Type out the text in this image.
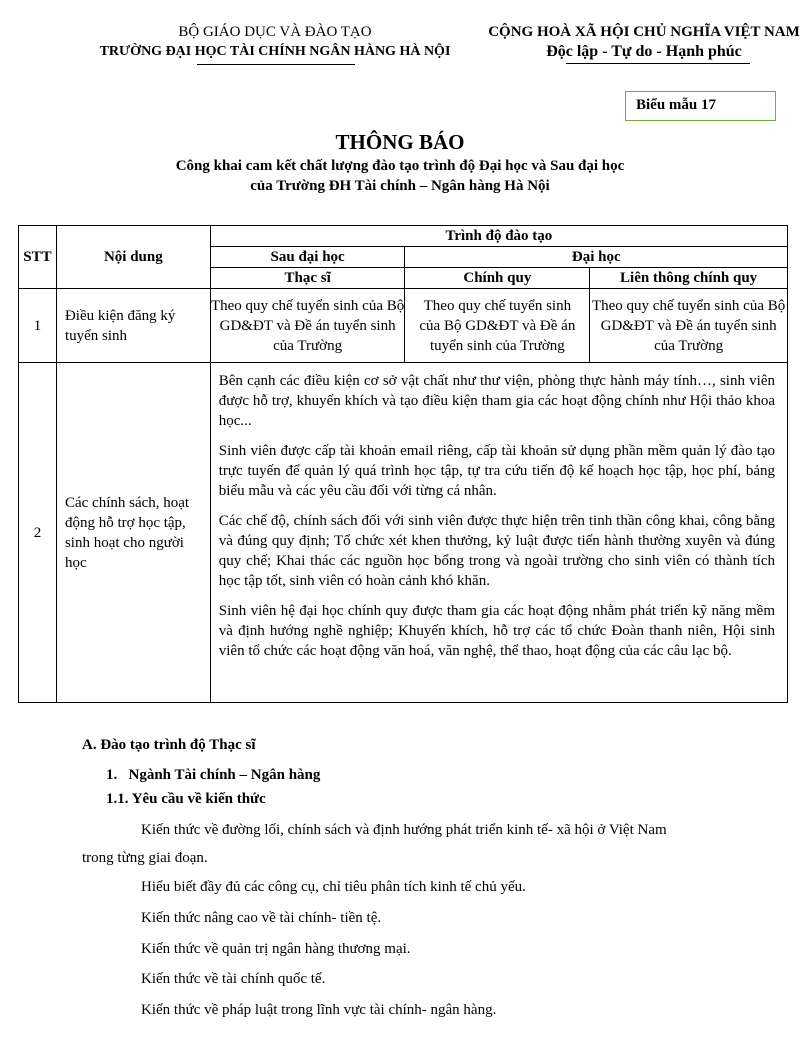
BỘ GIÁO DỤC VÀ ĐÀO TẠO
TRƯỜNG ĐẠI HỌC TÀI CHÍNH NGÂN HÀNG HÀ NỘI
CỘNG HOÀ XÃ HỘI CHỦ NGHĨA VIỆT NAM
Độc lập - Tự do - Hạnh phúc
Biểu mẫu 17
THÔNG BÁO
Công khai cam kết chất lượng đào tạo trình độ Đại học và Sau đại học
của Trường ĐH Tài chính – Ngân hàng Hà Nội
STT	Nội dung	Trình độ đào tạo		
		Sau đại học	Đại học	
		Thạc sĩ	Chính quy	Liên thông chính quy
1	Điều kiện đăng ký tuyển sinh	Theo quy chế tuyển sinh của Bộ GD&ĐT và Đề án tuyển sinh của Trường	Theo quy chế tuyển sinh của Bộ GD&ĐT và Đề án tuyển sinh của Trường	Theo quy chế tuyển sinh của Bộ GD&ĐT và Đề án tuyển sinh của Trường
2	Các chính sách, hoạt động hỗ trợ học tập, sinh hoạt cho người học	Bên cạnh các điều kiện cơ sở vật chất như thư viện, phòng thực hành máy tính…, sinh viên được hỗ trợ, khuyến khích và tạo điều kiện tham gia các hoạt động chính như Hội thảo khoa học...

Sinh viên được cấp tài khoản email riêng, cấp tài khoản sử dụng phần mềm quản lý đào tạo trực tuyến để quản lý quá trình học tập, tự tra cứu tiến độ kế hoạch học tập, học phí, bảng biểu mẫu và các yêu cầu đối với từng cá nhân.

Các chế độ, chính sách đối với sinh viên được thực hiện trên tinh thần công khai, công bằng và đúng quy định; Tổ chức xét khen thưởng, kỷ luật được tiến hành thường xuyên và đúng quy chế; Khai thác các nguồn học bổng trong và ngoài trường cho sinh viên có thành tích học tập tốt, sinh viên có hoàn cảnh khó khăn.

Sinh viên hệ đại học chính quy được tham gia các hoạt động nhằm phát triển kỹ năng mềm và định hướng nghề nghiệp; Khuyến khích, hỗ trợ các tổ chức Đoàn thanh niên, Hội sinh viên tổ chức các hoạt động văn hoá, văn nghệ, thể thao, hoạt động của các câu lạc bộ.		

A. Đào tạo trình độ Thạc sĩ
1.   Ngành Tài chính – Ngân hàng
1.1. Yêu cầu về kiến thức
Kiến thức về đường lối, chính sách và định hướng phát triển kinh tế- xã hội ở Việt Nam
trong từng giai đoạn.
Hiểu biết đầy đủ các công cụ, chỉ tiêu phân tích kinh tế chủ yếu.
Kiến thức nâng cao về tài chính- tiền tệ.
Kiến thức về quản trị ngân hàng thương mại.
Kiến thức về tài chính quốc tế.
Kiến thức về pháp luật trong lĩnh vực tài chính- ngân hàng.
